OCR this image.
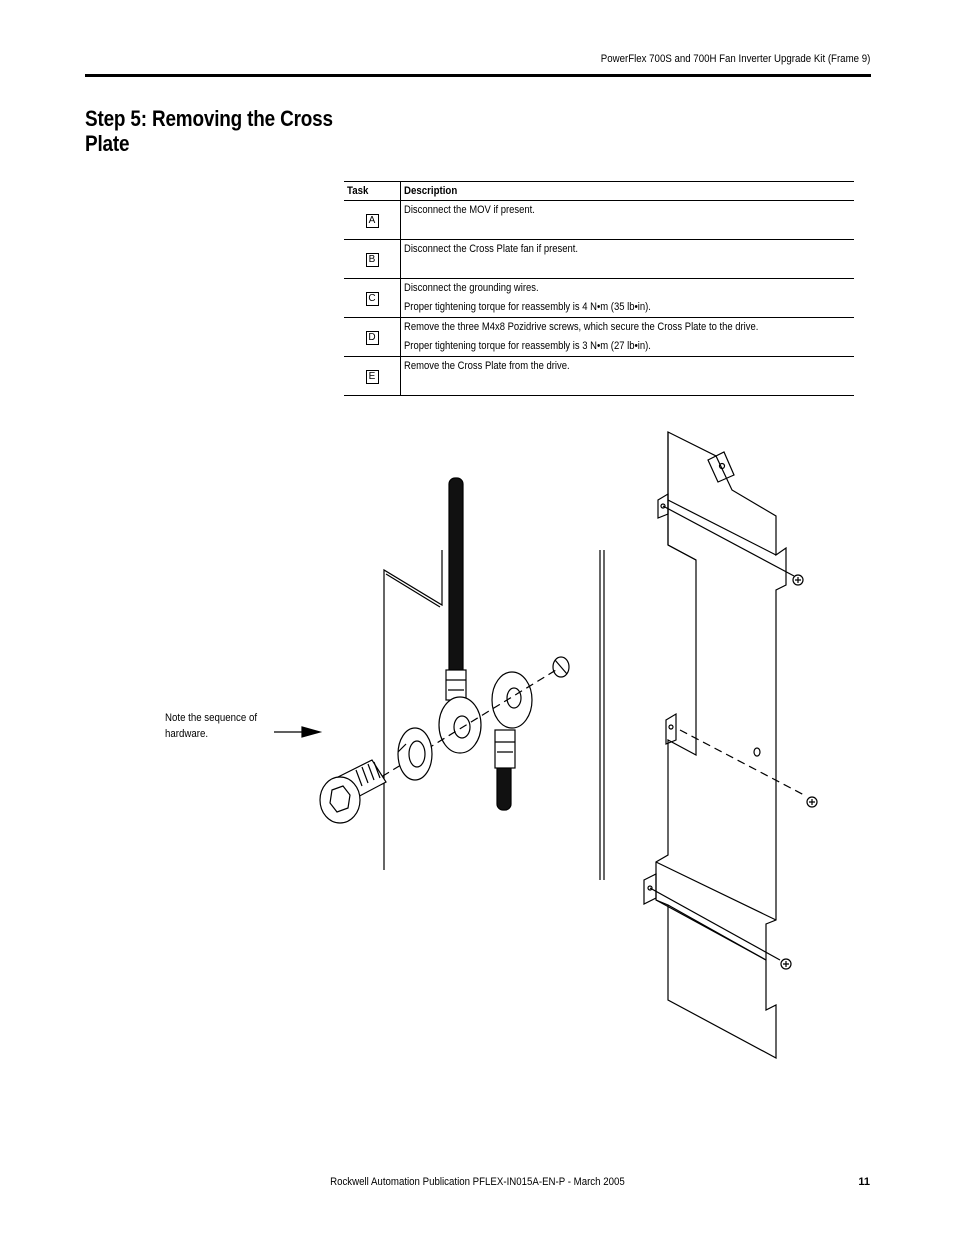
PowerFlex 700S and 700H Fan Inverter Upgrade Kit (Frame 9)
Step 5: Removing the Cross Plate
Task	Description
A	Disconnect the MOV if present.

B	Disconnect the Cross Plate fan if present.

C	Disconnect the grounding wires.
Proper tightening torque for reassembly is 4 N•m (35 lb•in).

D	Remove the three M4x8 Pozidrive screws, which secure the Cross Plate to the drive.
Proper tightening torque for reassembly is 3 N•m (27 lb•in).

E	Remove the Cross Plate from the drive.
Note the sequence of hardware.
Rockwell Automation Publication PFLEX-IN015A-EN-P - March 2005	11
